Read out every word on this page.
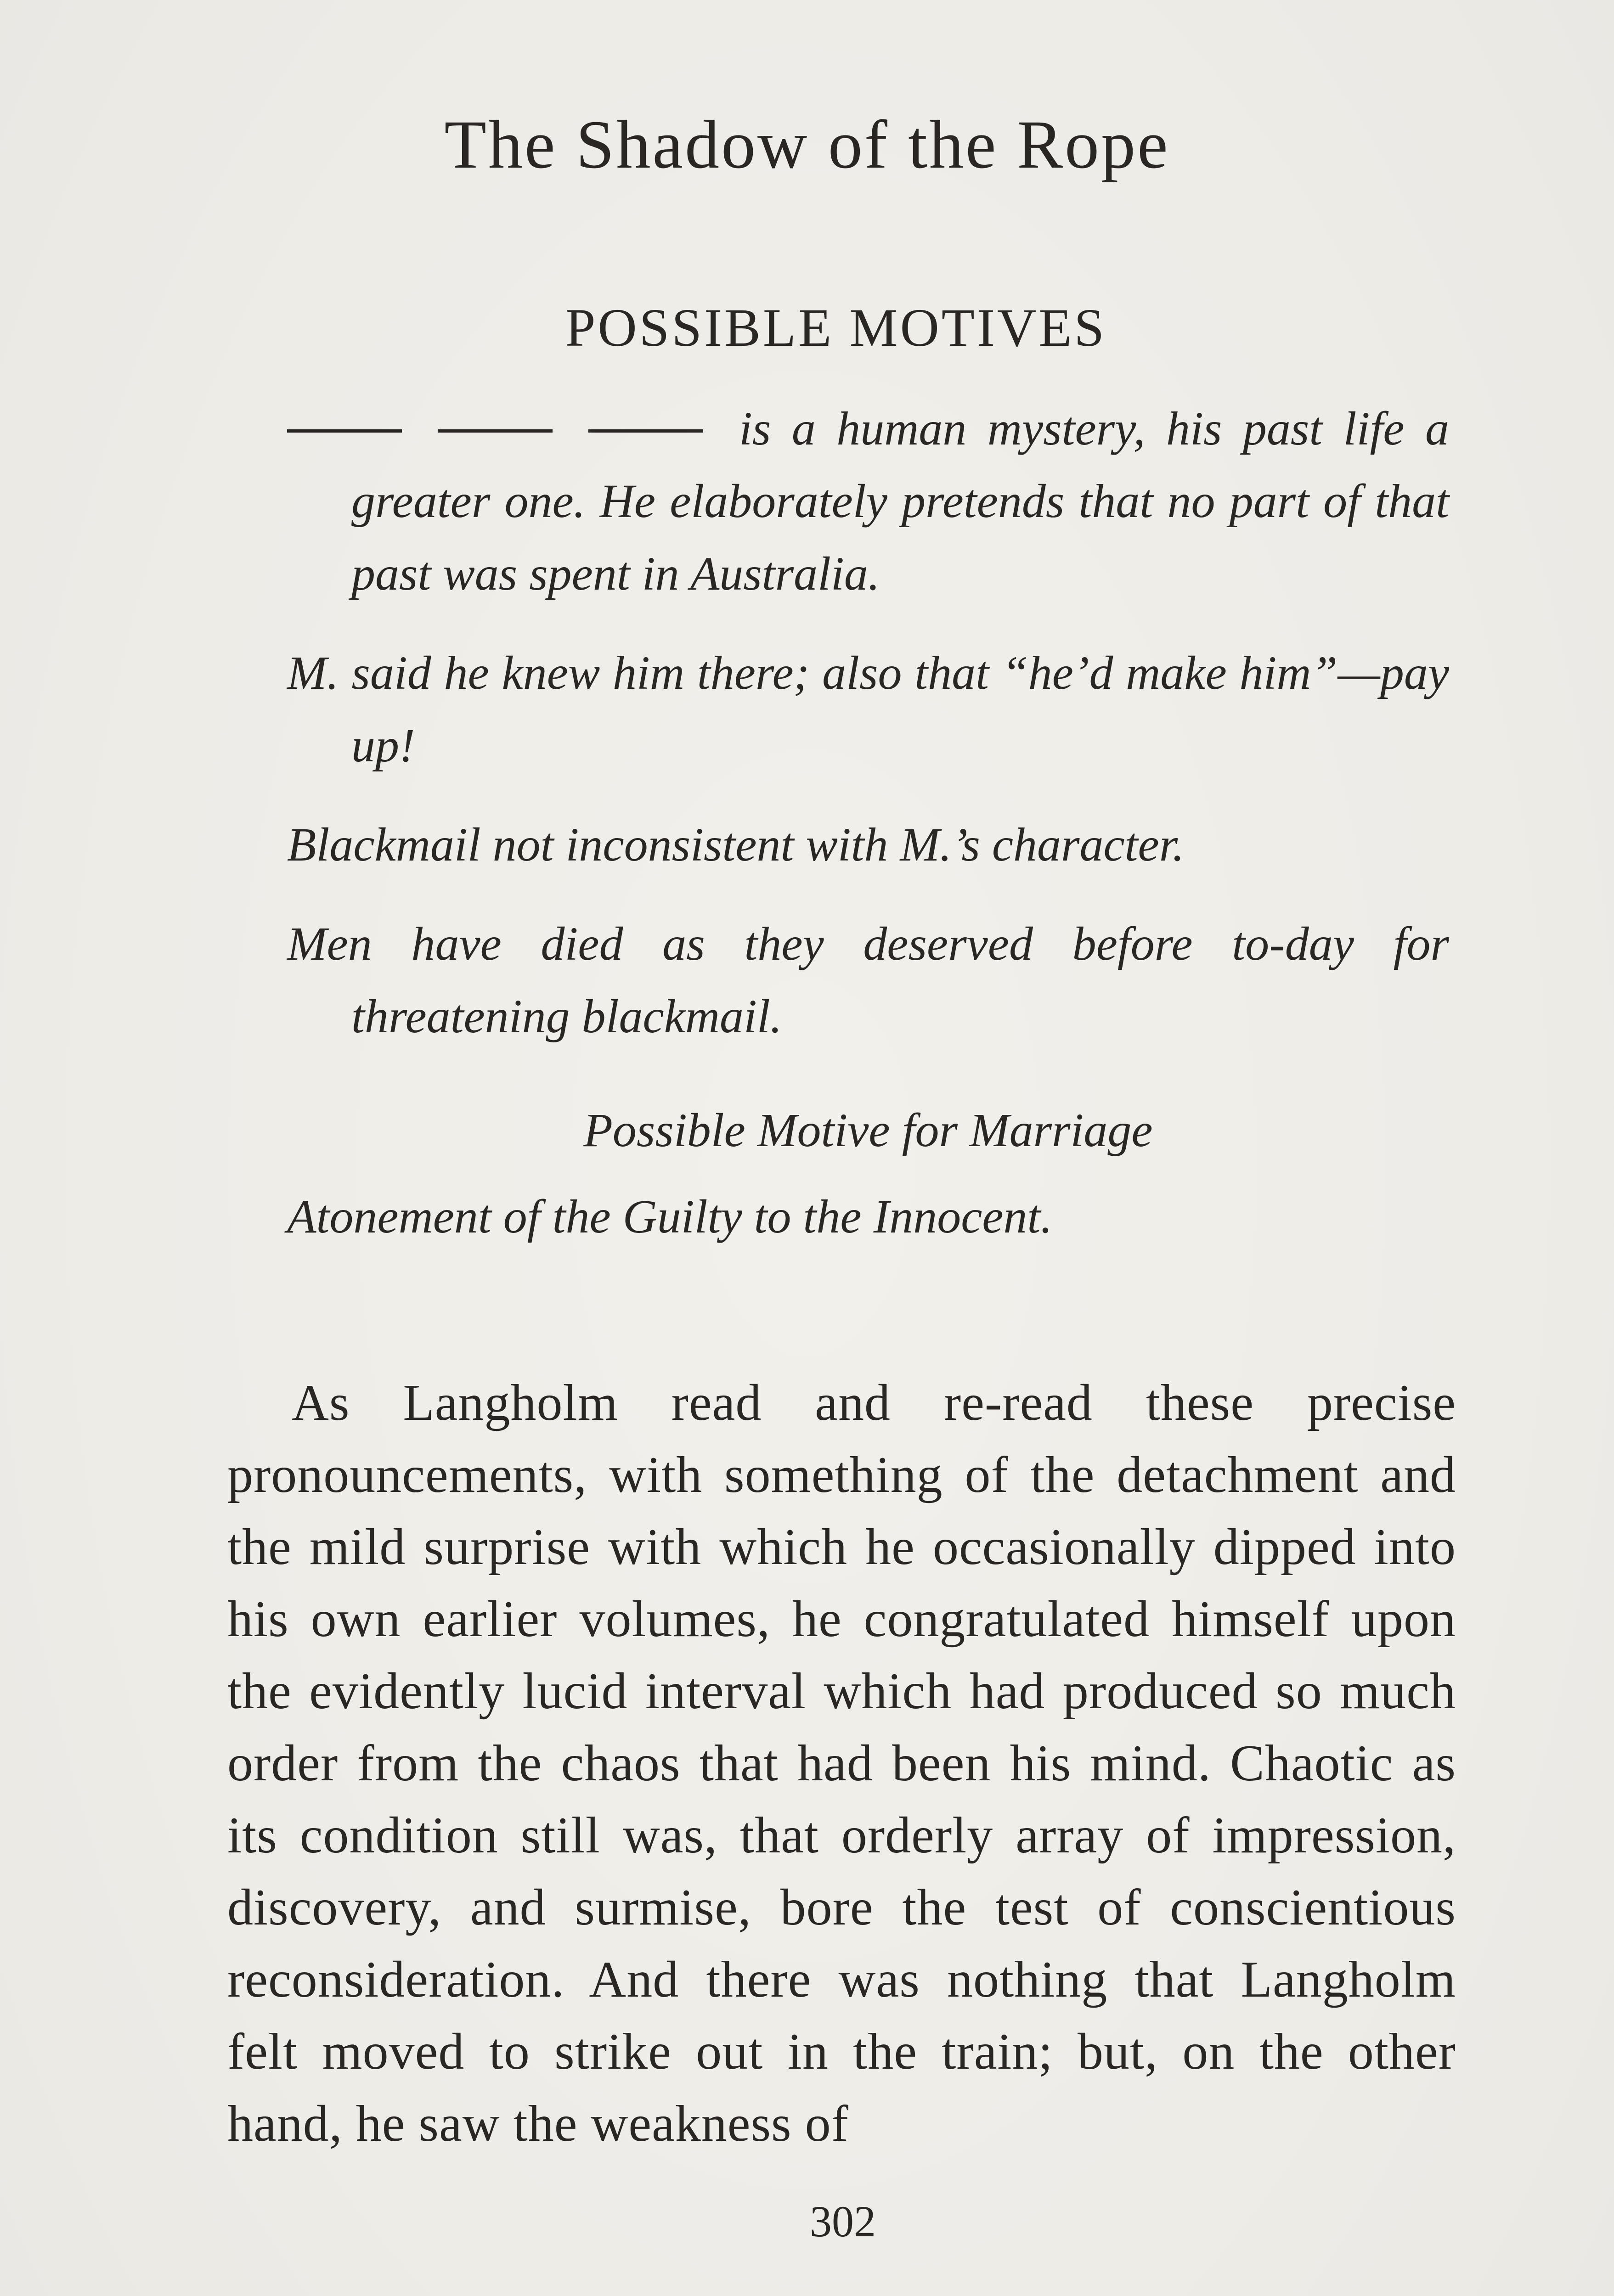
The Shadow of the Rope
POSSIBLE MOTIVES

is a human mystery, his past life a greater one. He elaborately pretends that no part of that past was spent in Australia.

M. said he knew him there; also that “he’d make him”—pay up!

Blackmail not inconsistent with M.’s character.

Men have died as they deserved before to-day for threatening blackmail.

Possible Motive for Marriage

Atonement of the Guilty to the Innocent.

As Langholm read and re-read these precise pronouncements, with something of the detachment and the mild surprise with which he occasionally dipped into his own earlier volumes, he congratulated himself upon the evidently lucid interval which had produced so much order from the chaos that had been his mind. Chaotic as its condition still was, that orderly array of impression, discovery, and surmise, bore the test of conscientious reconsideration. And there was nothing that Langholm felt moved to strike out in the train; but, on the other hand, he saw the weakness of

302
